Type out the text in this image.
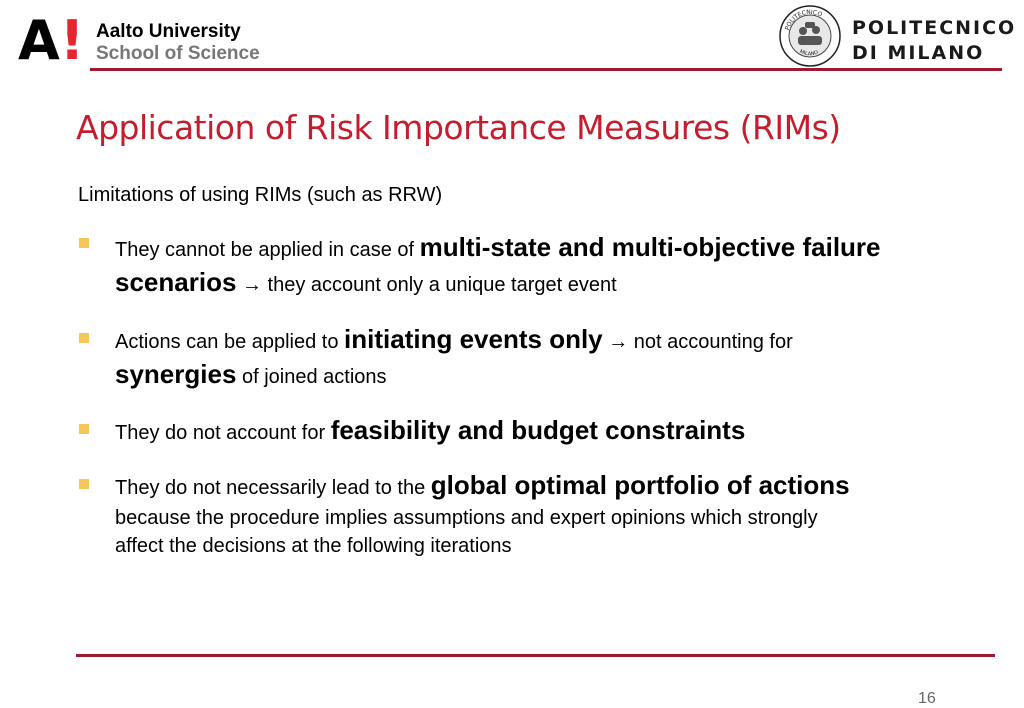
A ! Aalto University
School of Science
POLITECNICO
MILANO
POLITECNICO
DI MILANO
Application of Risk Importance Measures (RIMs)
Limitations of using RIMs (such as RRW)
They cannot be applied in case of multi-state and multi-objective failure
scenarios → they account only a unique target event
Actions can be applied to initiating events only → not accounting for
synergies of joined actions
They do not account for feasibility and budget constraints
They do not necessarily lead to the global optimal portfolio of actions
because the procedure implies assumptions and expert opinions which strongly
affect the decisions at the following iterations
16
